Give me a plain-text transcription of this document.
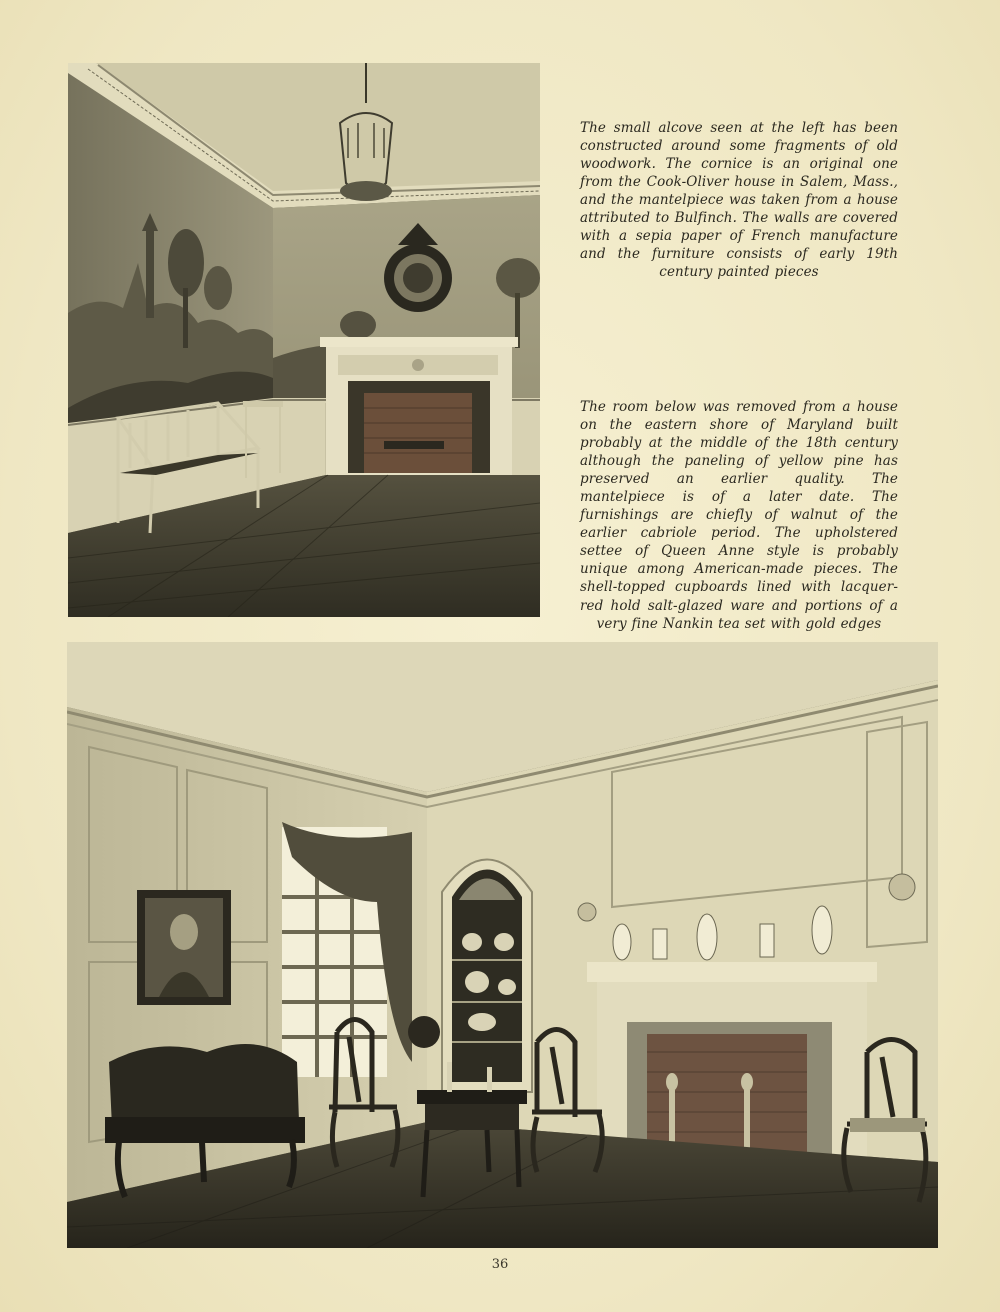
The small alcove seen at the left has been constructed around some fragments of old woodwork. The cornice is an original one from the Cook-Oliver house in Salem, Mass., and the mantelpiece was taken from a house attributed to Bulfinch. The walls are covered with a sepia paper of French manufacture and the furniture consists of early 19th century painted pieces

The room below was removed from a house on the eastern shore of Maryland built probably at the middle of the 18th century although the paneling of yellow pine has preserved an earlier quality. The mantelpiece is of a later date. The furnishings are chiefly of walnut of the earlier cabriole period. The upholstered settee of Queen Anne style is probably unique among American-made pieces. The shell-topped cupboards lined with lacquer-red hold salt-glazed ware and portions of a very fine Nankin tea set with gold edges

36
